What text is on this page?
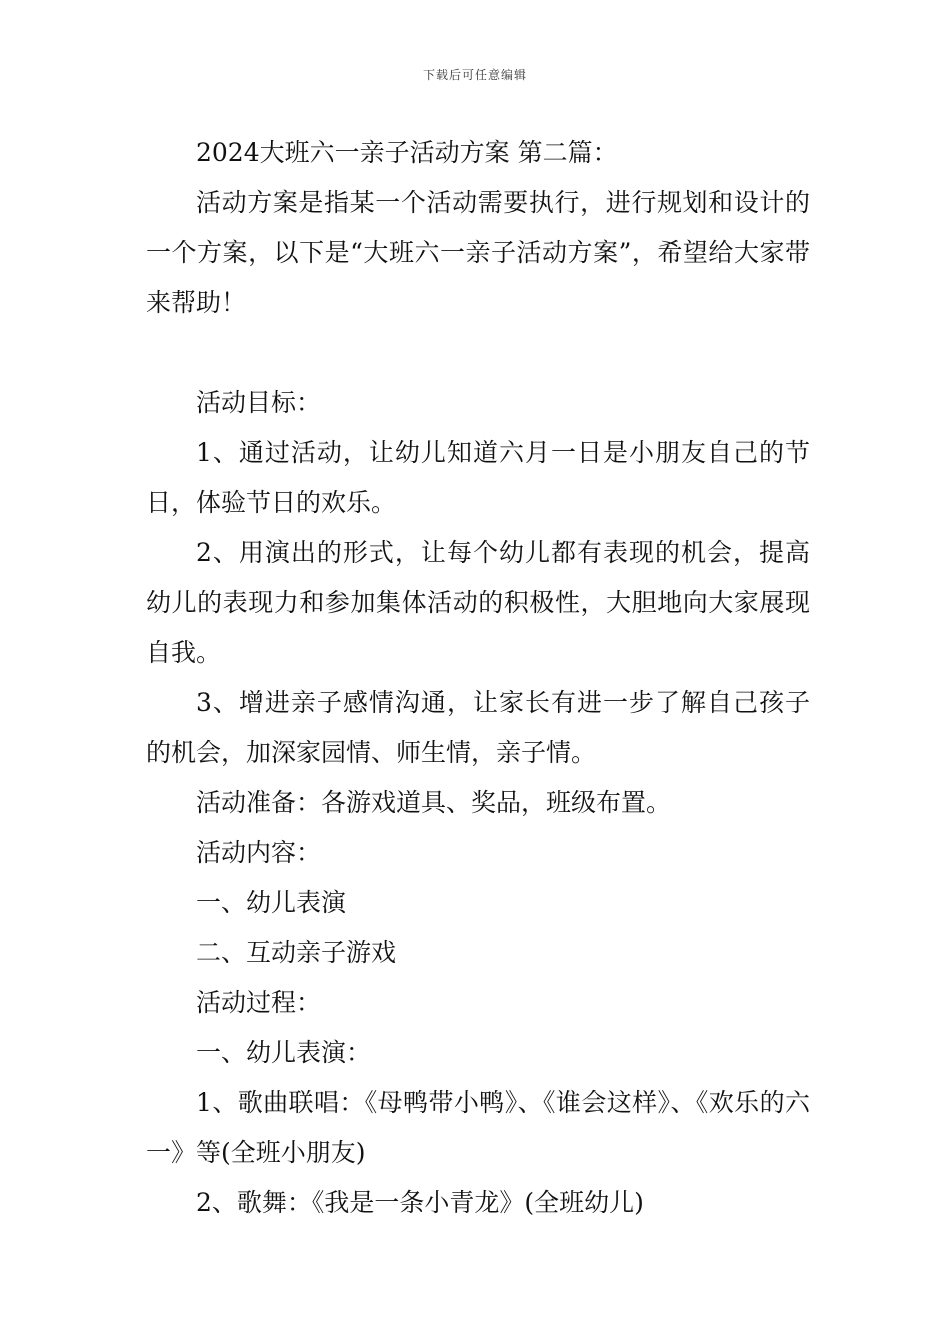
下载后可任意编辑

2024大班六一亲子活动方案 第二篇：

活动方案是指某一个活动需要执行，进行规划和设计的一个方案，以下是“大班六一亲子活动方案”，希望给大家带来帮助！

活动目标：

1、通过活动，让幼儿知道六月一日是小朋友自己的节日，体验节日的欢乐。

2、用演出的形式，让每个幼儿都有表现的机会，提高幼儿的表现力和参加集体活动的积极性，大胆地向大家展现自我。

3、增进亲子感情沟通，让家长有进一步了解自己孩子的机会，加深家园情、师生情，亲子情。

活动准备：各游戏道具、奖品，班级布置。

活动内容：

一、幼儿表演

二、互动亲子游戏

活动过程：

一、幼儿表演：

1、歌曲联唱：《母鸭带小鸭》、《谁会这样》、《欢乐的六一》等(全班小朋友)

2、歌舞：《我是一条小青龙》(全班幼儿)
